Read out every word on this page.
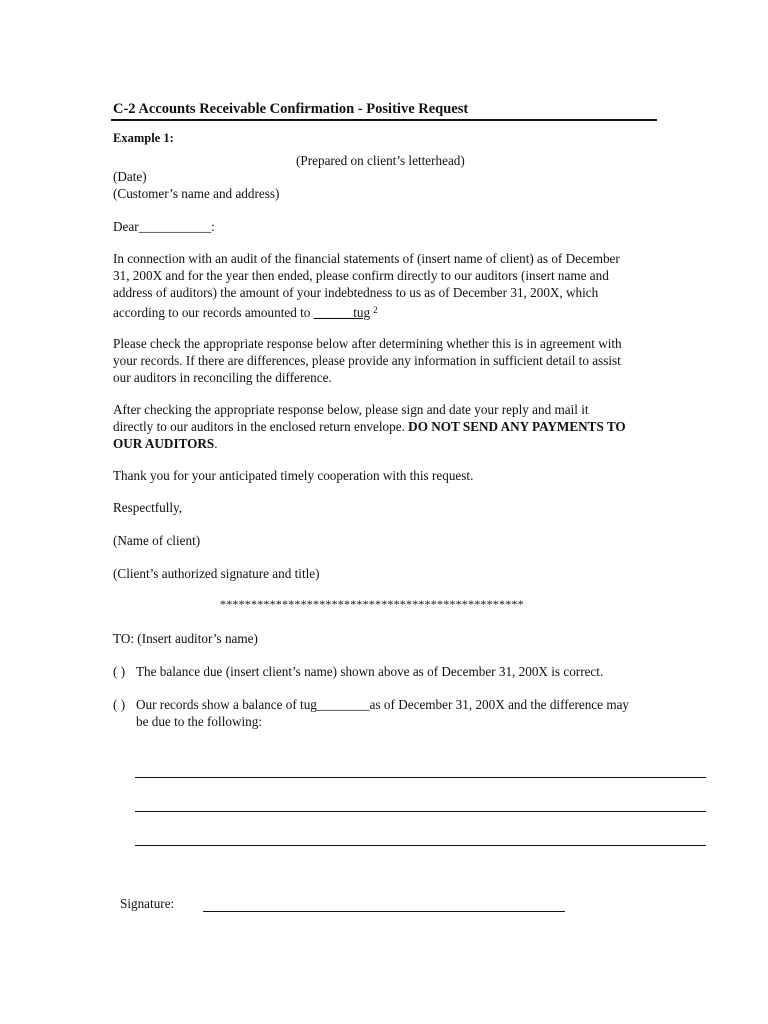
C-2 Accounts Receivable Confirmation - Positive Request
Example 1:
(Prepared on client’s letterhead)
(Date)
(Customer’s name and address)
Dear___________:
In connection with an audit of the financial statements of (insert name of client) as of December
31, 200X and for the year then ended, please confirm directly to our auditors (insert name and
address of auditors) the amount of your indebtedness to us as of December 31, 200X, which
according to our records amounted to ______tug $^2$
Please check the appropriate response below after determining whether this is in agreement with
your records. If there are differences, please provide any information in sufficient detail to assist
our auditors in reconciling the difference.
After checking the appropriate response below, please sign and date your reply and mail it
directly to our auditors in the enclosed return envelope. DO NOT SEND ANY PAYMENTS TO
OUR AUDITORS.
Thank you for your anticipated timely cooperation with this request.
Respectfully,
(Name of client)
(Client’s authorized signature and title)
*************************************************
TO: (Insert auditor’s name)
( ) The balance due (insert client’s name) shown above as of December 31, 200X is correct.
( ) Our records show a balance of tug________as of December 31, 200X and the difference may
be due to the following:
Signature:
